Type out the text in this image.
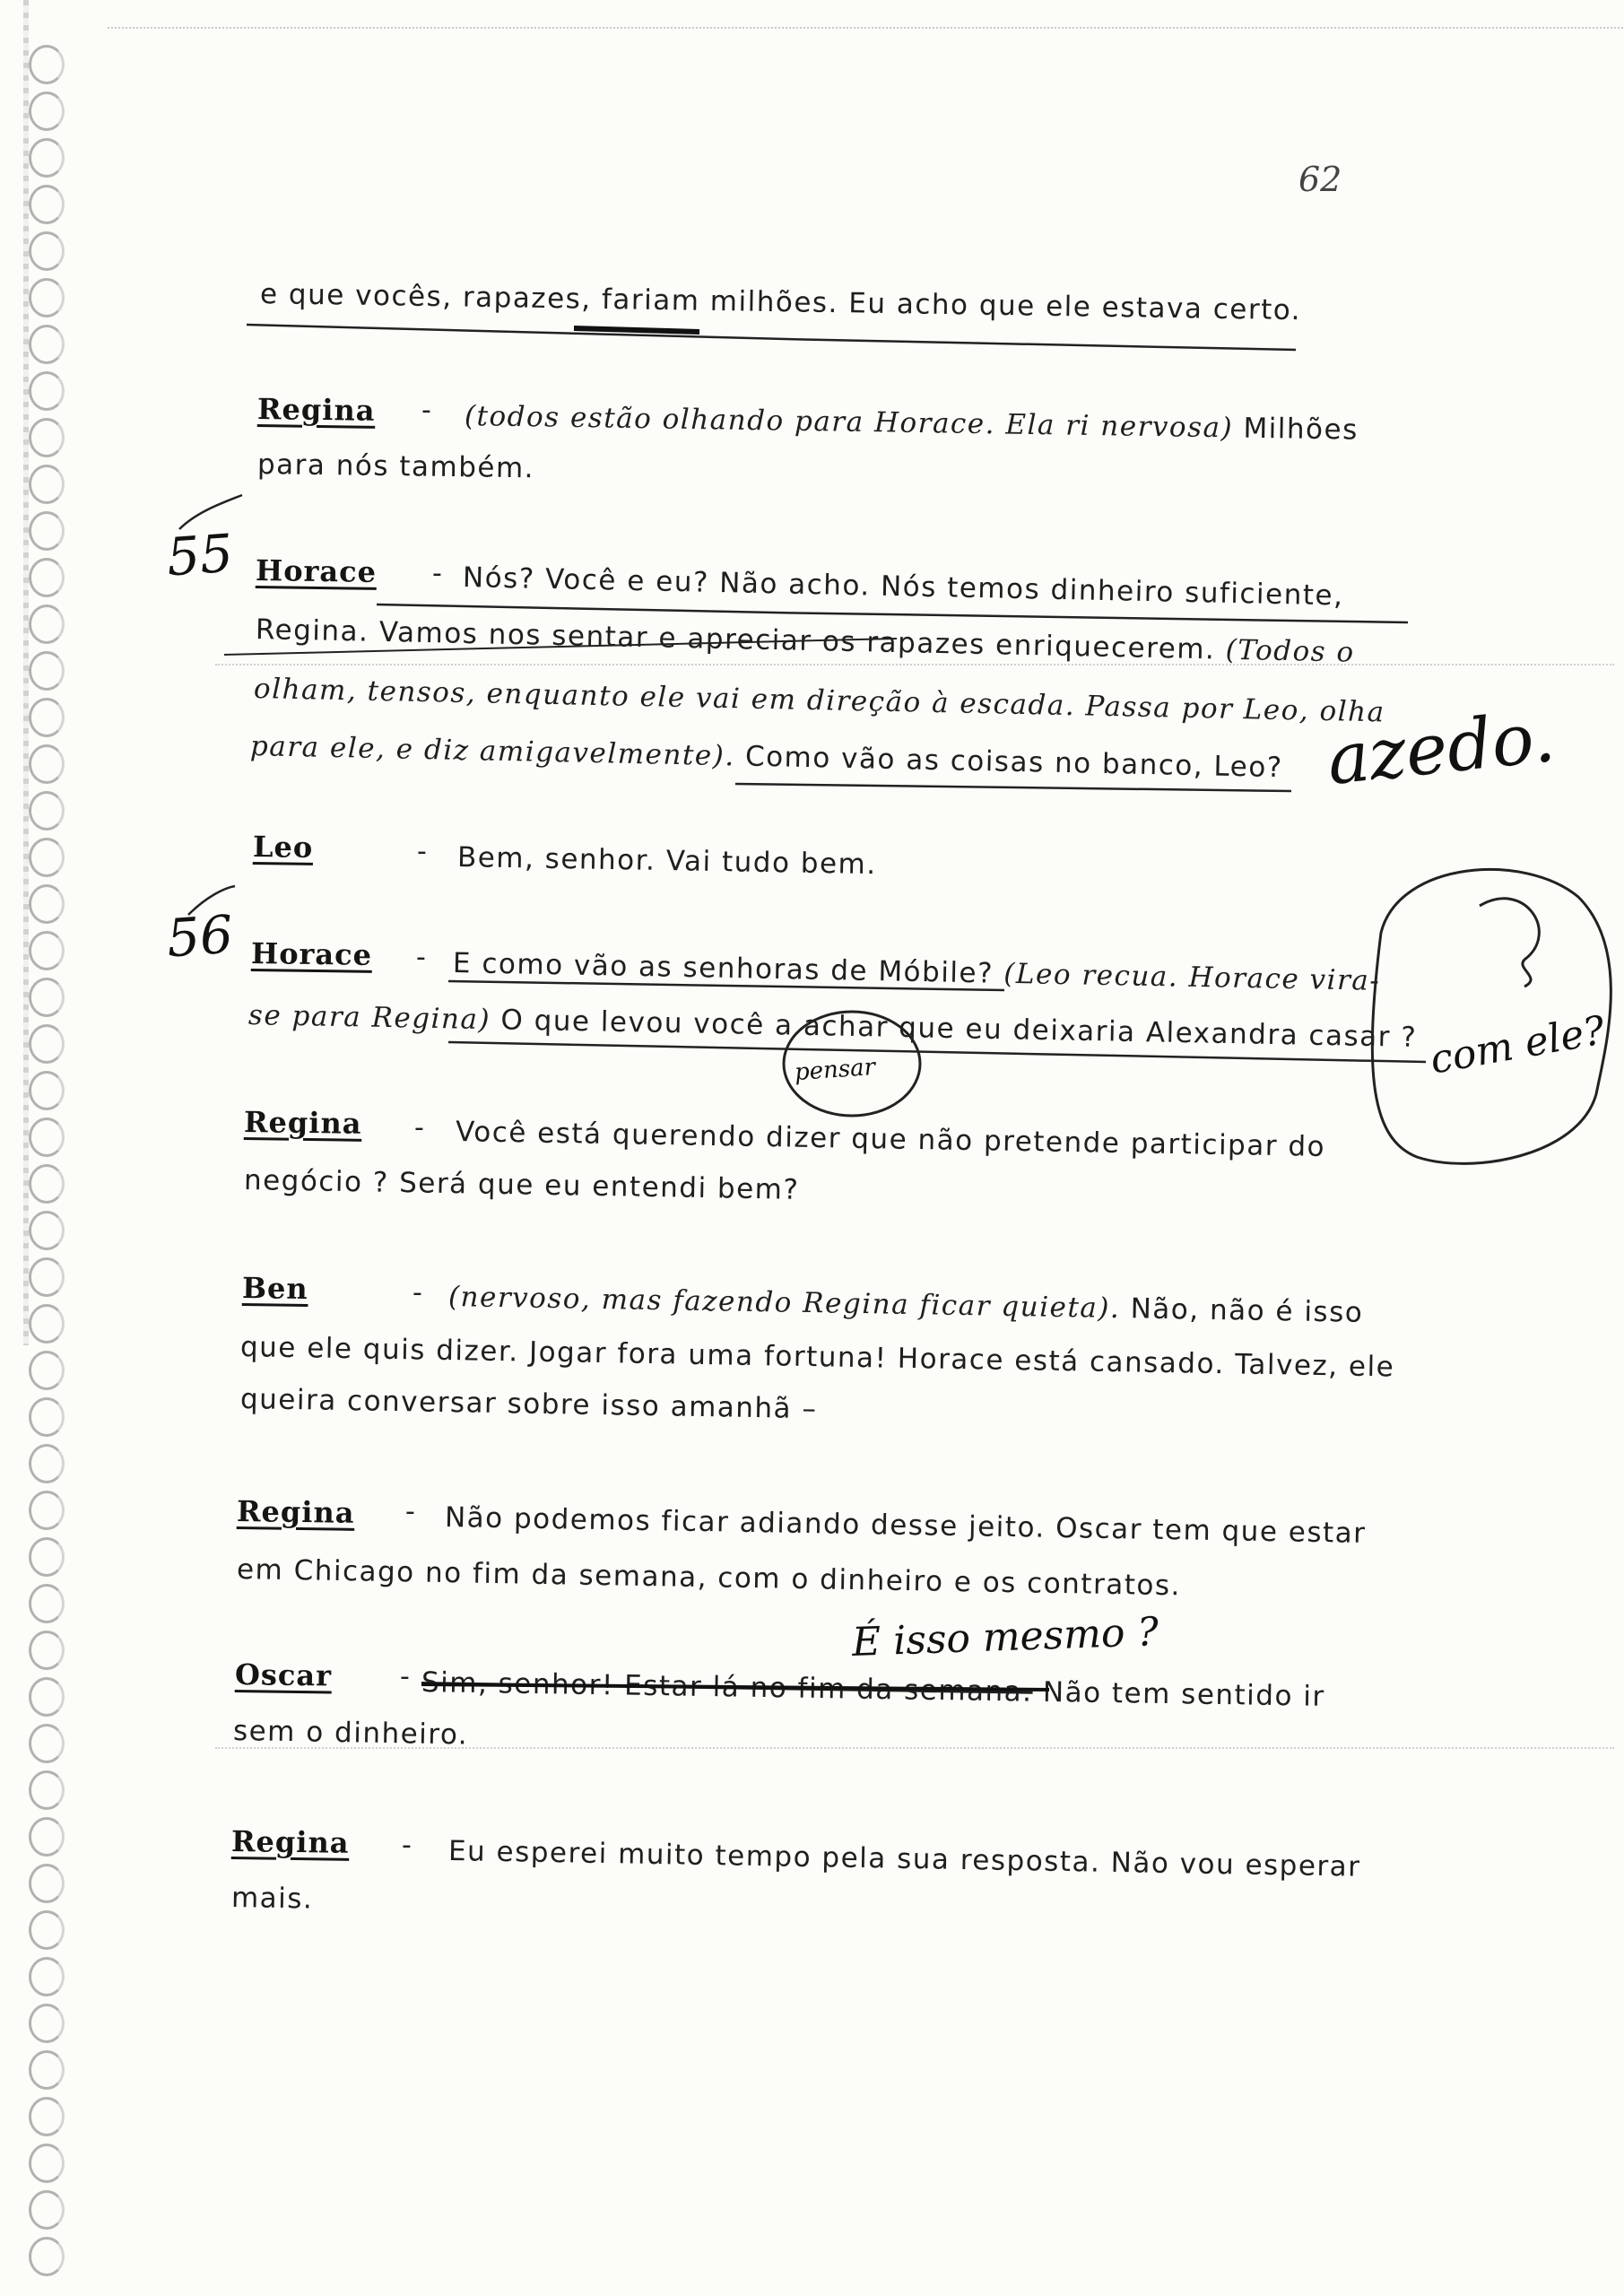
62
e que vocês, rapazes, fariam milhões. Eu acho que ele estava certo.
Regina - (todos estão olhando para Horace. Ela ri nervosa) Milhões
para nós também.
Horace - Nós? Você e eu? Não acho. Nós temos dinheiro suficiente,
Regina. Vamos nos sentar e apreciar os rapazes enriquecerem. (Todos o
olham, tensos, enquanto ele vai em direção à escada. Passa por Leo, olha
para ele, e diz amigavelmente). Como vão as coisas no banco, Leo?
Leo	- Bem, senhor. Vai tudo bem.
Horace - E como vão as senhoras de Móbile? (Leo recua. Horace vira-
se para Regina) O que levou você a achar que eu deixaria Alexandra casar ?
Regina - Você está querendo dizer que não pretende participar do
negócio ? Será que eu entendi bem?
Ben	- (nervoso, mas fazendo Regina ficar quieta). Não, não é isso
que ele quis dizer. Jogar fora uma fortuna! Horace está cansado. Talvez, ele
queira conversar sobre isso amanhã –
Regina - Não podemos ficar adiando desse jeito. Oscar tem que estar
em Chicago no fim da semana, com o dinheiro e os contratos.
Oscar	- Sim, senhor! Estar lá no fim da semana. Não tem sentido ir
sem o dinheiro.
Regina - Eu esperei muito tempo pela sua resposta. Não vou esperar
mais.
azedo.
pensar	com ele?
É isso mesmo ?
55
56
